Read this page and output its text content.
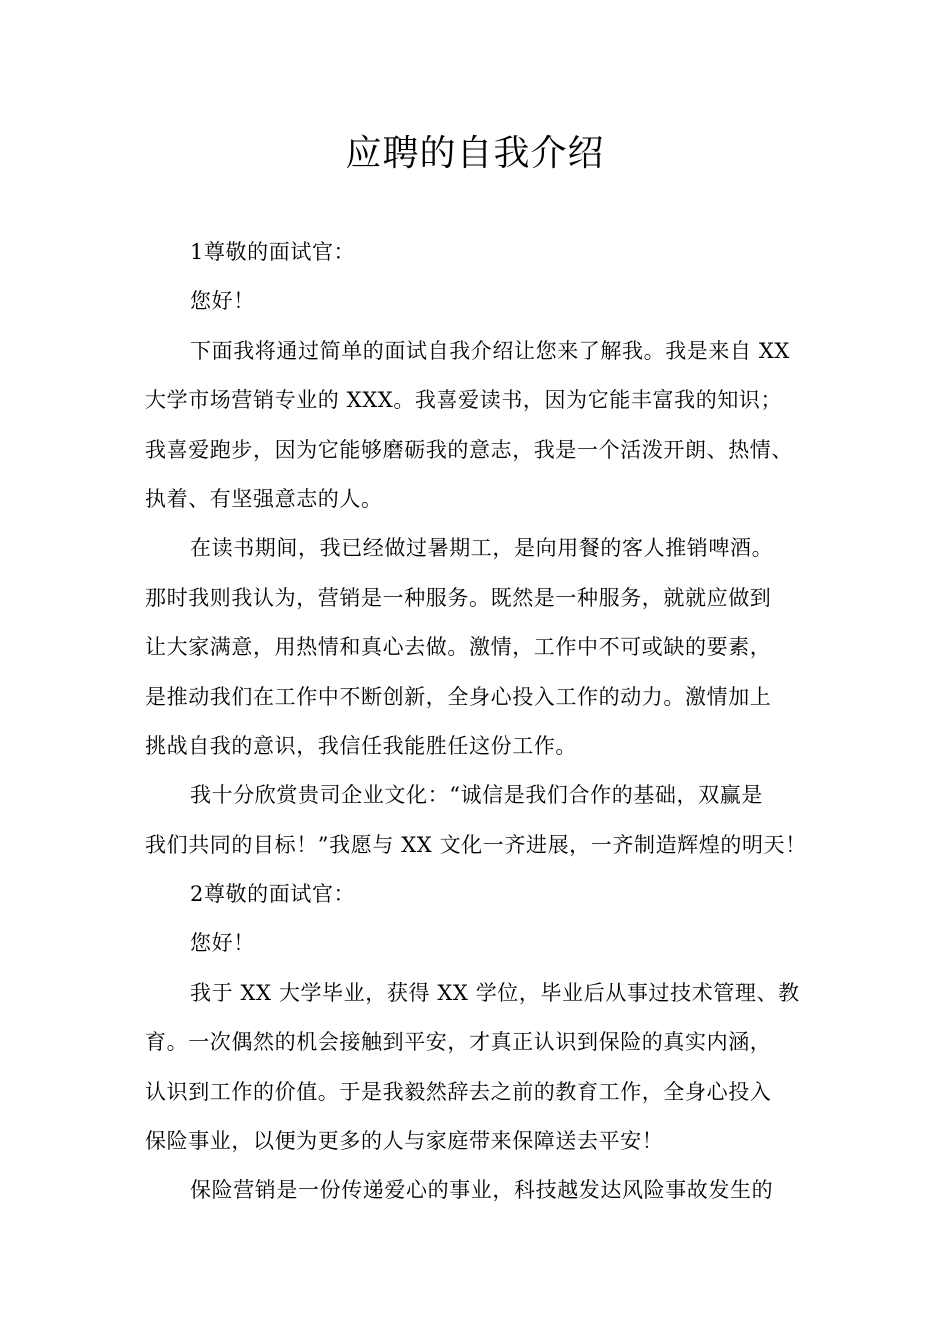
应聘的自我介绍

1尊敬的面试官：

您好！

下面我将通过简单的面试自我介绍让您来了解我。我是来自 XX

大学市场营销专业的 XXX。我喜爱读书，因为它能丰富我的知识；

我喜爱跑步，因为它能够磨砺我的意志，我是一个活泼开朗、热情、

执着、有坚强意志的人。

在读书期间，我已经做过暑期工，是向用餐的客人推销啤酒。

那时我则我认为，营销是一种服务。既然是一种服务，就就应做到

让大家满意，用热情和真心去做。激情，工作中不可或缺的要素，

是推动我们在工作中不断创新，全身心投入工作的动力。激情加上

挑战自我的意识，我信任我能胜任这份工作。

我十分欣赏贵司企业文化：“诚信是我们合作的基础，双赢是

我们共同的目标！”我愿与 XX 文化一齐进展，一齐制造辉煌的明天！

2尊敬的面试官：

您好！

我于 XX 大学毕业，获得 XX 学位，毕业后从事过技术管理、教

育。一次偶然的机会接触到平安，才真正认识到保险的真实内涵，

认识到工作的价值。于是我毅然辞去之前的教育工作，全身心投入

保险事业，以便为更多的人与家庭带来保障送去平安！

保险营销是一份传递爱心的事业，科技越发达风险事故发生的
